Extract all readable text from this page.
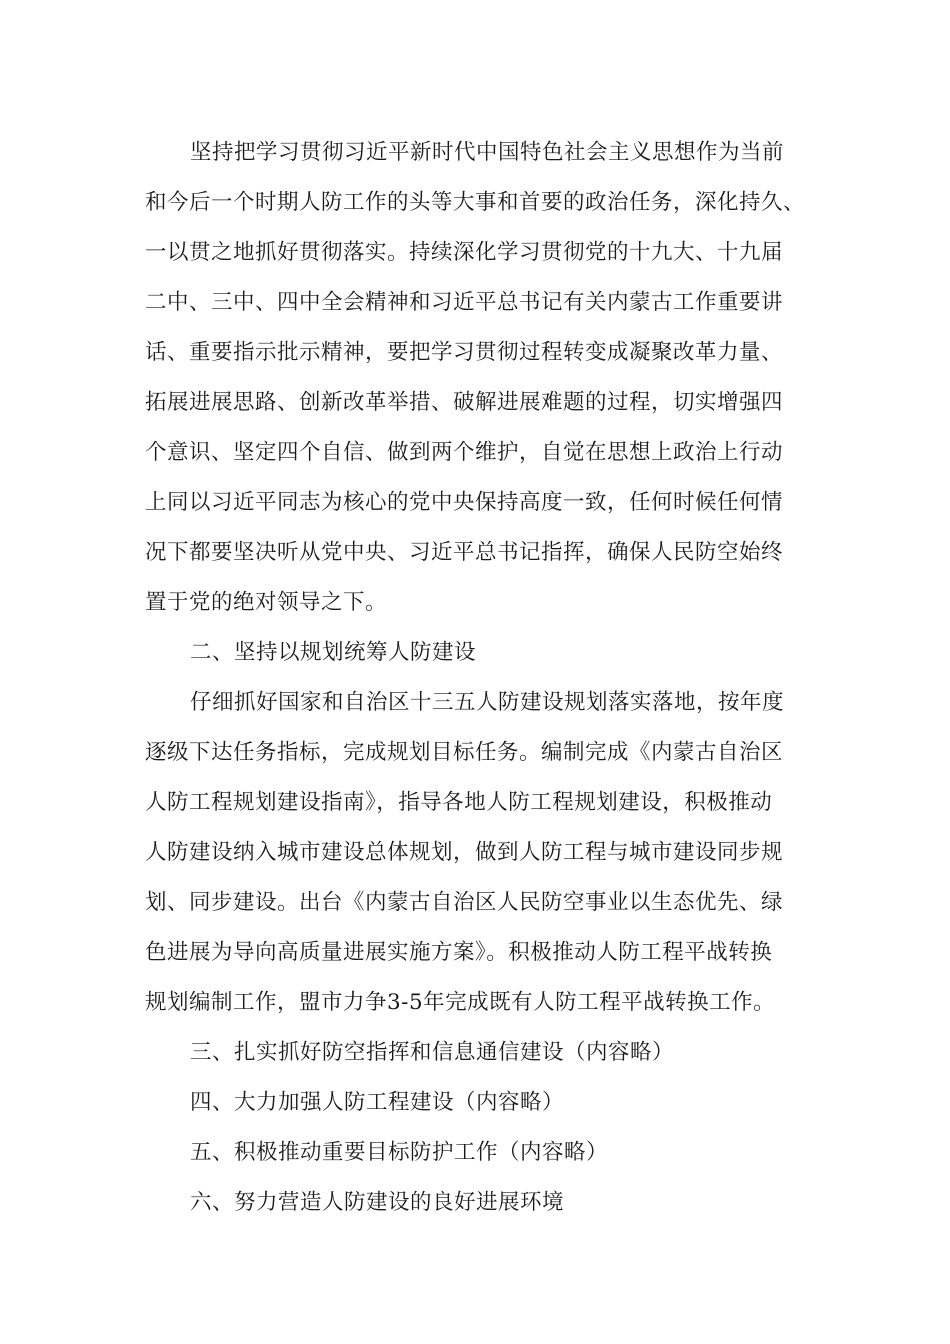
坚持把学习贯彻习近平新时代中国特色社会主义思想作为当前
和今后一个时期人防工作的头等大事和首要的政治任务，深化持久、
一以贯之地抓好贯彻落实。持续深化学习贯彻党的十九大、十九届
二中、三中、四中全会精神和习近平总书记有关内蒙古工作重要讲
话、重要指示批示精神，要把学习贯彻过程转变成凝聚改革力量、
拓展进展思路、创新改革举措、破解进展难题的过程，切实增强四
个意识、坚定四个自信、做到两个维护，自觉在思想上政治上行动
上同以习近平同志为核心的党中央保持高度一致，任何时候任何情
况下都要坚决听从党中央、习近平总书记指挥，确保人民防空始终
置于党的绝对领导之下。
二、坚持以规划统筹人防建设
仔细抓好国家和自治区十三五人防建设规划落实落地，按年度
逐级下达任务指标，完成规划目标任务。编制完成《内蒙古自治区
人防工程规划建设指南》，指导各地人防工程规划建设，积极推动
人防建设纳入城市建设总体规划，做到人防工程与城市建设同步规
划、同步建设。出台《内蒙古自治区人民防空事业以生态优先、绿
色进展为导向高质量进展实施方案》。积极推动人防工程平战转换
规划编制工作，盟市力争3-5年完成既有人防工程平战转换工作。
三、扎实抓好防空指挥和信息通信建设（内容略）
四、大力加强人防工程建设（内容略）
五、积极推动重要目标防护工作（内容略）
六、努力营造人防建设的良好进展环境
